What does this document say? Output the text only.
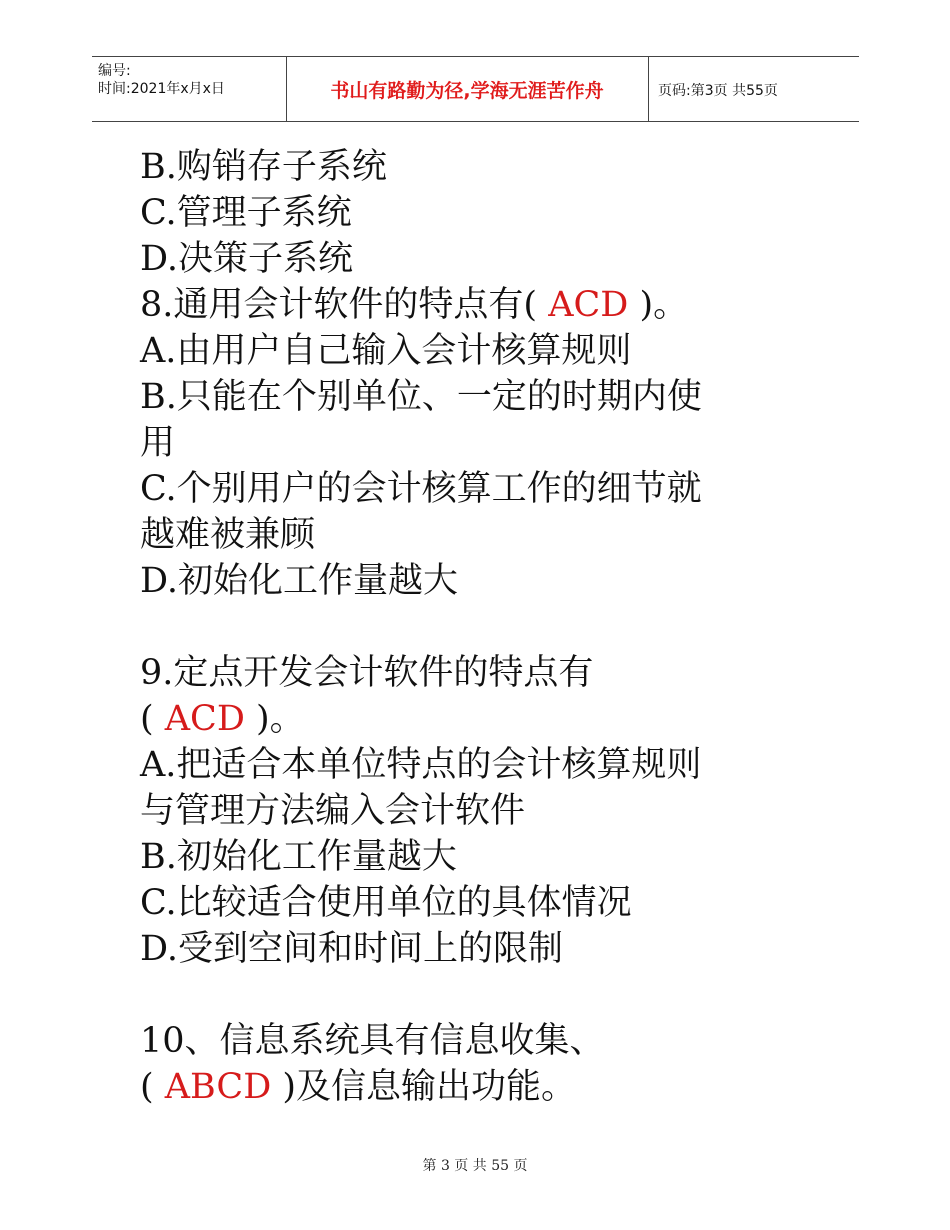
编号:
时间:2021年x月x日	书山有路勤为径,学海无涯苦作舟	页码:第3页 共55页
B.购销存子系统
C.管理子系统
D.决策子系统
8.通用会计软件的特点有( ACD )。
A.由用户自己输入会计核算规则
B.只能在个别单位、一定的时期内使
用
C.个别用户的会计核算工作的细节就
越难被兼顾
D.初始化工作量越大
9.定点开发会计软件的特点有
( ACD )。
A.把适合本单位特点的会计核算规则
与管理方法编入会计软件
B.初始化工作量越大
C.比较适合使用单位的具体情况
D.受到空间和时间上的限制
10、信息系统具有信息收集、
( ABCD )及信息输出功能。
第 3 页 共 55 页
